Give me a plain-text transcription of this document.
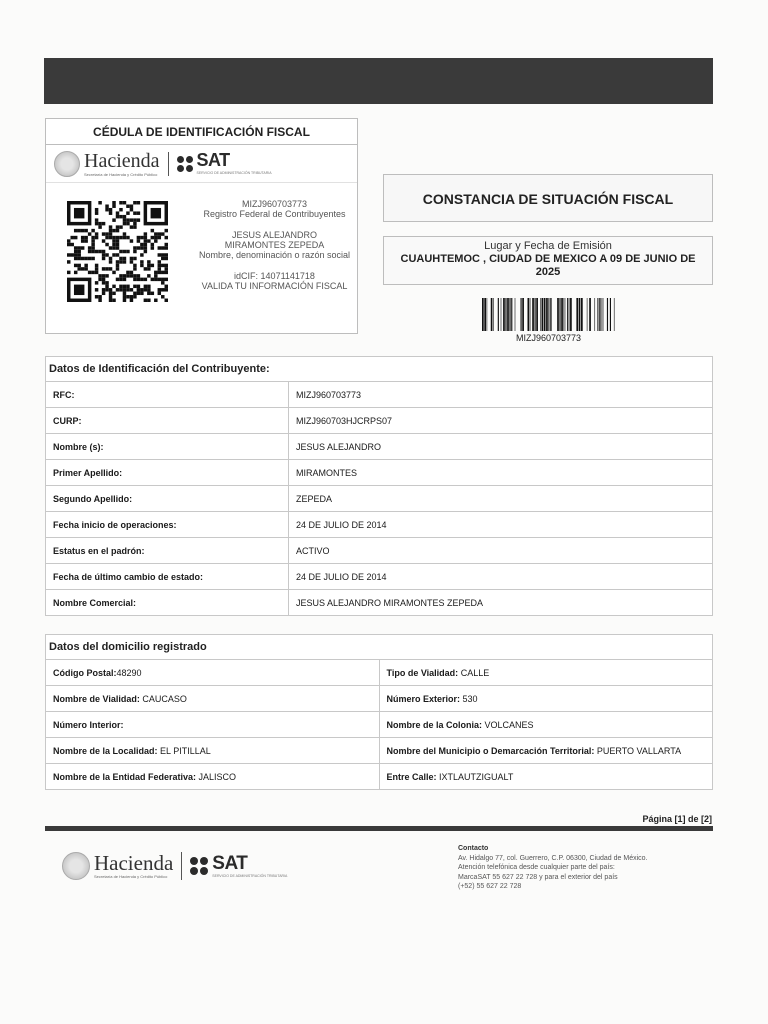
CÉDULA DE IDENTIFICACIÓN FISCAL
Hacienda
Secretaría de Hacienda y Crédito Público
SAT
SERVICIO DE ADMINISTRACIÓN TRIBUTARIA
MIZJ960703773
Registro Federal de Contribuyentes
JESUS ALEJANDRO
MIRAMONTES ZEPEDA
Nombre, denominación o razón social
idCIF: 14071141718
VALIDA TU INFORMACIÓN FISCAL
CONSTANCIA DE SITUACIÓN FISCAL
Lugar y Fecha de Emisión
CUAUHTEMOC , CIUDAD DE MEXICO A 09 DE JUNIO DE 2025
MIZJ960703773
Datos de Identificación del Contribuyente:	
RFC:	MIZJ960703773
CURP:	MIZJ960703HJCRPS07
Nombre (s):	JESUS ALEJANDRO
Primer Apellido:	MIRAMONTES
Segundo Apellido:	ZEPEDA
Fecha inicio de operaciones:	24 DE JULIO DE 2014
Estatus en el padrón:	ACTIVO
Fecha de último cambio de estado:	24 DE JULIO DE 2014
Nombre Comercial:	JESUS ALEJANDRO MIRAMONTES ZEPEDA
Datos del domicilio registrado	
Código Postal:48290	Tipo de Vialidad: CALLE
Nombre de Vialidad: CAUCASO	Número Exterior: 530
Número Interior:	Nombre de la Colonia: VOLCANES
Nombre de la Localidad: EL PITILLAL	Nombre del Municipio o Demarcación Territorial: PUERTO VALLARTA
Nombre de la Entidad Federativa: JALISCO	Entre Calle: IXTLAUTZIGUALT
Página [1] de [2]
Hacienda
Secretaría de Hacienda y Crédito Público
SAT
SERVICIO DE ADMINISTRACIÓN TRIBUTARIA
Contacto
Av. Hidalgo 77, col. Guerrero, C.P. 06300, Ciudad de México.
Atención telefónica desde cualquier parte del país:
MarcaSAT 55 627 22 728 y para el exterior del país
(+52) 55 627 22 728
